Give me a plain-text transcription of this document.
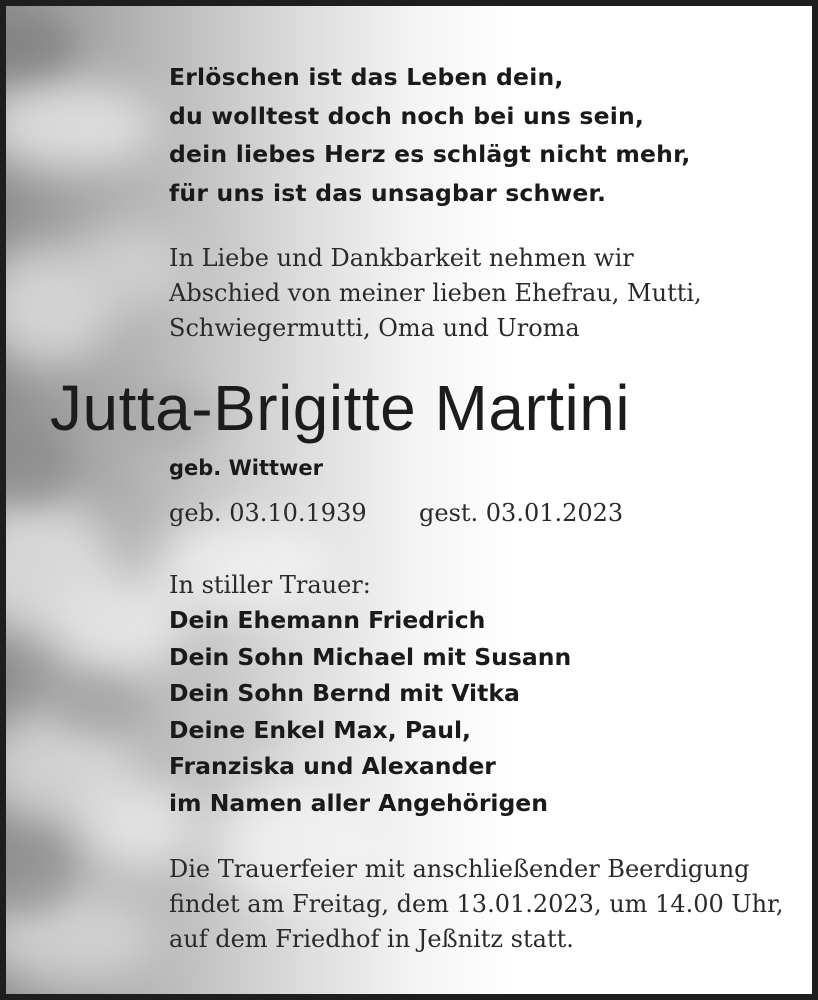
Erlöschen ist das Leben dein,
du wolltest doch noch bei uns sein,
dein liebes Herz es schlägt nicht mehr,
für uns ist das unsagbar schwer.
In Liebe und Dankbarkeit nehmen wir
Abschied von meiner lieben Ehefrau, Mutti,
Schwiegermutti, Oma und Uroma
Jutta-Brigitte Martini
geb. Wittwer
geb. 03.10.1939 gest. 03.01.2023
In stiller Trauer:
Dein Ehemann Friedrich
Dein Sohn Michael mit Susann
Dein Sohn Bernd mit Vitka
Deine Enkel Max, Paul,
Franziska und Alexander
im Namen aller Angehörigen
Die Trauerfeier mit anschließender Beerdigung
findet am Freitag, dem 13.01.2023, um 14.00 Uhr,
auf dem Friedhof in Jeßnitz statt.
